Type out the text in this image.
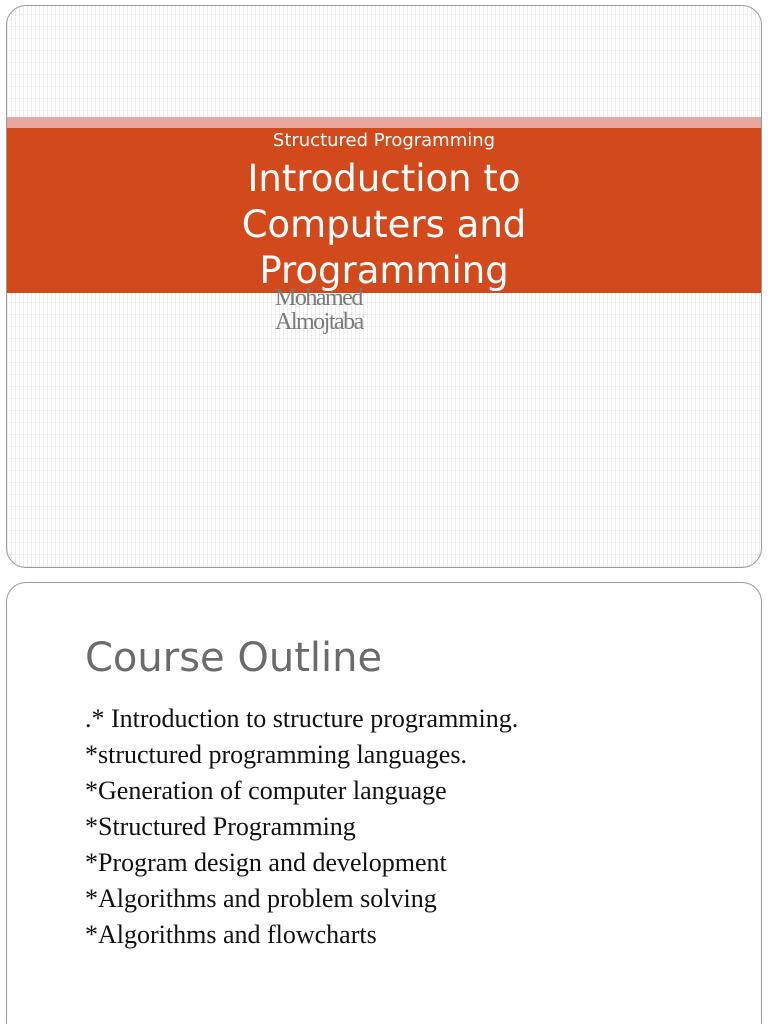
Mohamed
Almojtaba
Structured Programming
Introduction to
Computers and
Programming
Course Outline
.* Introduction to structure programming.
*structured programming languages.
*Generation of computer language
*Structured Programming
*Program design and development
*Algorithms and problem solving
*Algorithms and flowcharts
